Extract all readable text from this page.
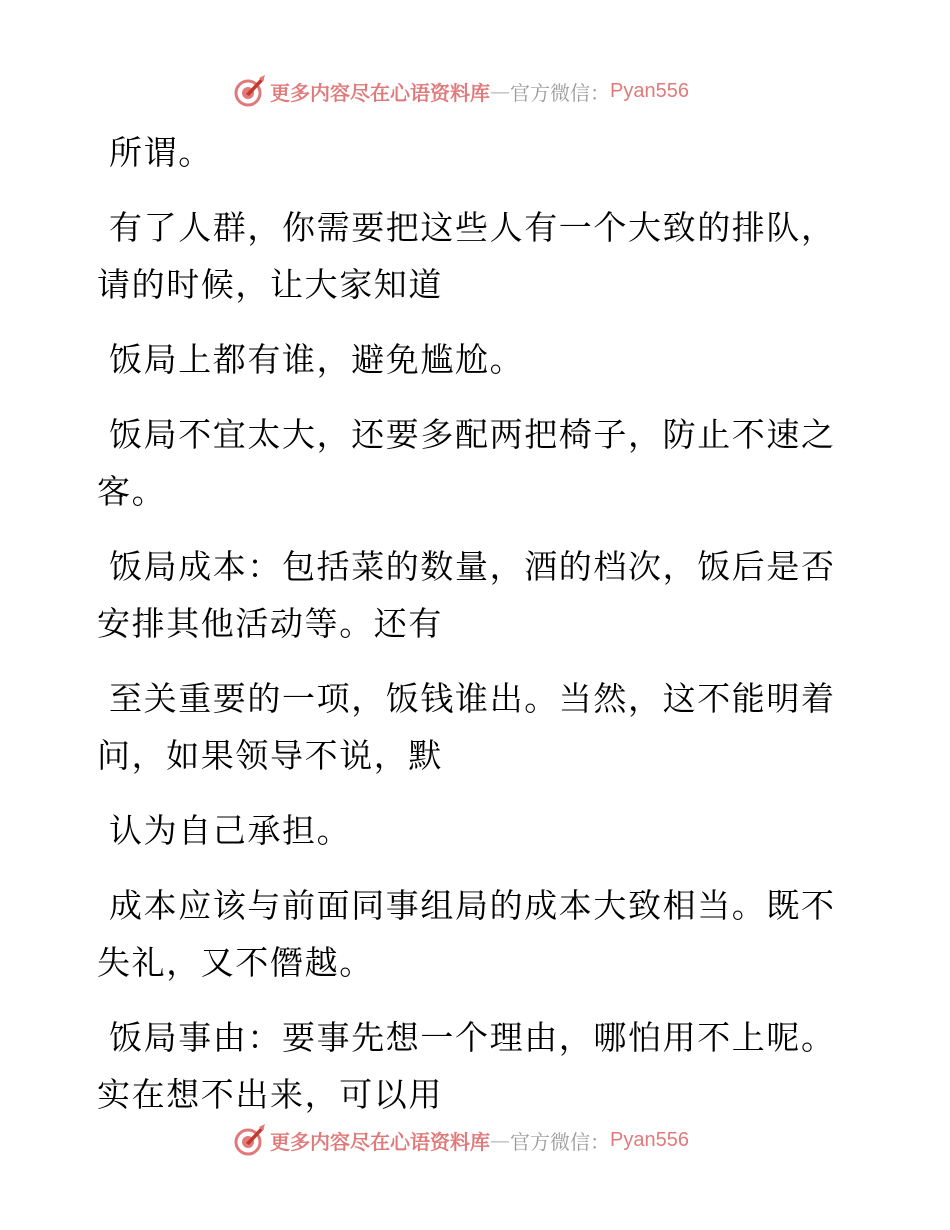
更多内容尽在心语资料库 — 官方微信： Pyan556

所谓。

有了人群，你需要把这些人有一个大致的排队，请的时候，让大家知道

饭局上都有谁，避免尴尬。

饭局不宜太大，还要多配两把椅子，防止不速之客。

饭局成本：包括菜的数量，酒的档次，饭后是否安排其他活动等。还有

至关重要的一项，饭钱谁出。当然，这不能明着问，如果领导不说，默

认为自己承担。

成本应该与前面同事组局的成本大致相当。既不失礼，又不僭越。

饭局事由：要事先想一个理由，哪怕用不上呢。实在想不出来，可以用

更多内容尽在心语资料库 — 官方微信： Pyan556
